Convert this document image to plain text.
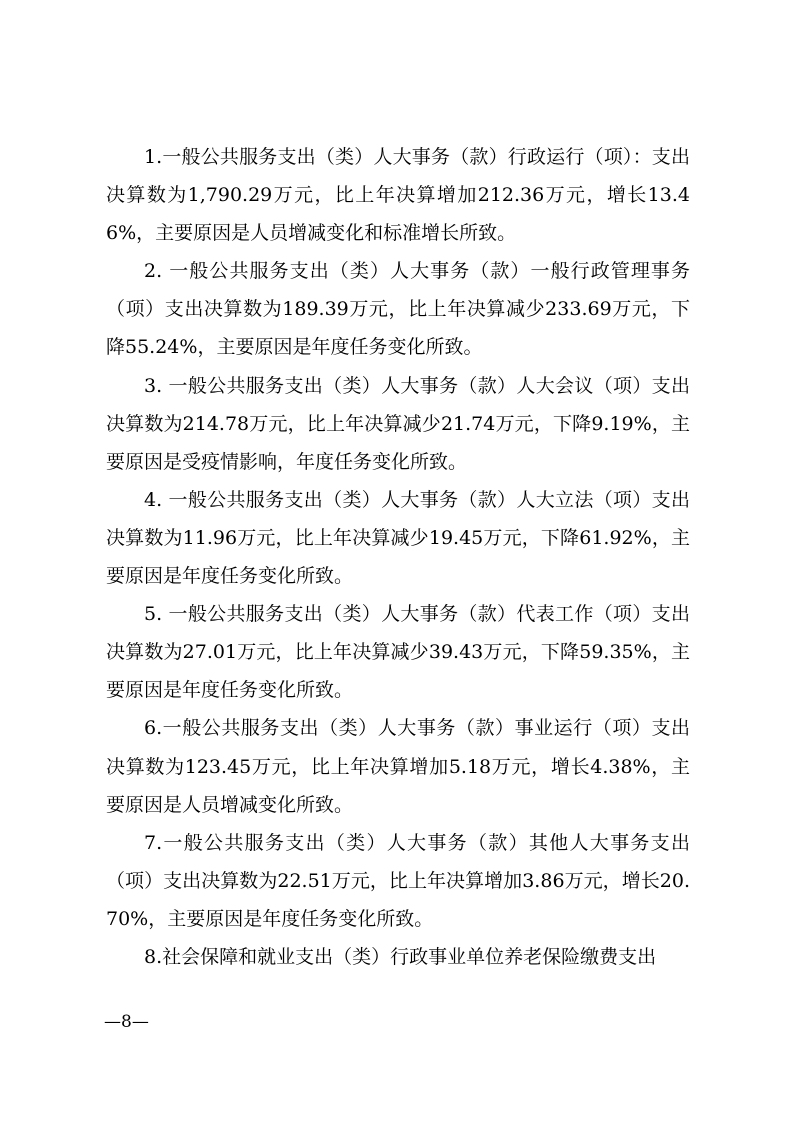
1.一般公共服务支出（类）人大事务（款）行政运行（项）：支出决算数为1,790.29万元，比上年决算增加212.36万元，增长13.46%，主要原因是人员增减变化和标准增长所致。

2. 一般公共服务支出（类）人大事务（款）一般行政管理事务（项）支出决算数为189.39万元，比上年决算减少233.69万元，下降55.24%，主要原因是年度任务变化所致。

3. 一般公共服务支出（类）人大事务（款）人大会议（项）支出决算数为214.78万元，比上年决算减少21.74万元，下降9.19%，主要原因是受疫情影响，年度任务变化所致。

4. 一般公共服务支出（类）人大事务（款）人大立法（项）支出决算数为11.96万元，比上年决算减少19.45万元，下降61.92%，主要原因是年度任务变化所致。

5. 一般公共服务支出（类）人大事务（款）代表工作（项）支出决算数为27.01万元，比上年决算减少39.43万元，下降59.35%，主要原因是年度任务变化所致。

6.一般公共服务支出（类）人大事务（款）事业运行（项）支出决算数为123.45万元，比上年决算增加5.18万元，增长4.38%，主要原因是人员增减变化所致。

7.一般公共服务支出（类）人大事务（款）其他人大事务支出（项）支出决算数为22.51万元，比上年决算增加3.86万元，增长20.70%，主要原因是年度任务变化所致。

8.社会保障和就业支出（类）行政事业单位养老保险缴费支出

—8—
